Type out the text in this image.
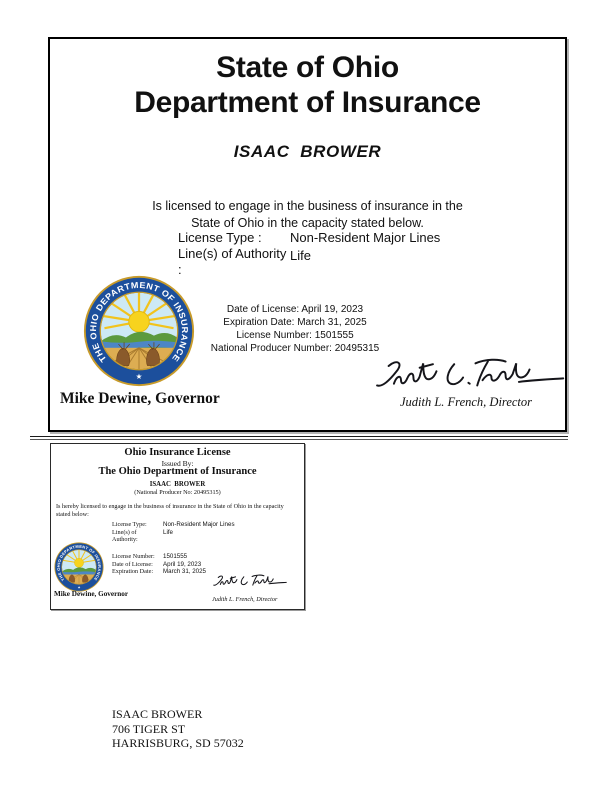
State of Ohio
Department of Insurance
ISAAC  BROWER
Is licensed to engage in the business of insurance in the
State of Ohio in the capacity stated below.
License Type :	Non-Resident Major Lines
Line(s) of Authority :
Life
THE OHIO DEPARTMENT OF INSURANCE
★
Date of License: April 19, 2023
Expiration Date: March 31, 2025
License Number: 1501555
National Producer Number: 20495315
Judith L. French, Director
Mike Dewine, Governor
Ohio Insurance License
Issued By:
The Ohio Department of Insurance
ISAAC  BROWER
(National Producer No: 20495315)
Is hereby licensed to engage in the business of insurance in the State of Ohio in the capacity stated below:
License Type:	Non-Resident Major Lines
Line(s) of Authority:
Life
License Number:	1501555
Date of License:	April 19, 2023
Expiration Date:	March 31, 2025
THE OHIO DEPARTMENT OF INSURANCE
★
Mike Dewine, Governor
Judith L. French, Director
ISAAC BROWER
706 TIGER ST
HARRISBURG, SD 57032
